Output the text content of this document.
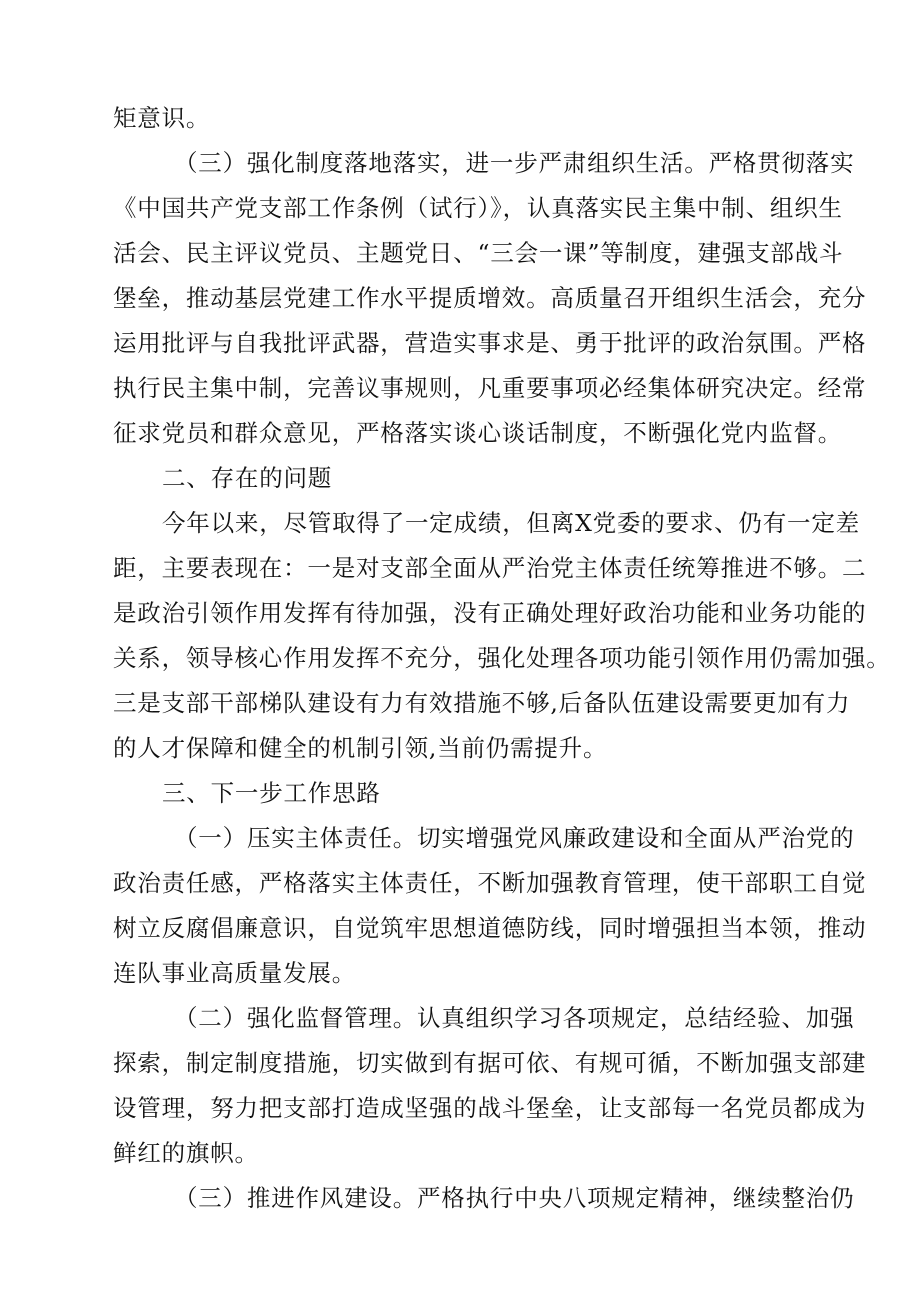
矩意识。
（三）强化制度落地落实，进一步严肃组织生活。严格贯彻落实
《中国共产党支部工作条例（试行）》，认真落实民主集中制、组织生
活会、民主评议党员、主题党日、“三会一课”等制度，建强支部战斗
堡垒，推动基层党建工作水平提质增效。高质量召开组织生活会，充分
运用批评与自我批评武器，营造实事求是、勇于批评的政治氛围。严格
执行民主集中制，完善议事规则，凡重要事项必经集体研究决定。经常
征求党员和群众意见，严格落实谈心谈话制度，不断强化党内监督。
二、存在的问题
今年以来，尽管取得了一定成绩，但离X党委的要求、仍有一定差
距，主要表现在：一是对支部全面从严治党主体责任统筹推进不够。二
是政治引领作用发挥有待加强，没有正确处理好政治功能和业务功能的
关系，领导核心作用发挥不充分，强化处理各项功能引领作用仍需加强。
三是支部干部梯队建设有力有效措施不够,后备队伍建设需要更加有力
的人才保障和健全的机制引领,当前仍需提升。
三、下一步工作思路
（一）压实主体责任。切实增强党风廉政建设和全面从严治党的
政治责任感，严格落实主体责任，不断加强教育管理，使干部职工自觉
树立反腐倡廉意识，自觉筑牢思想道德防线，同时增强担当本领，推动
连队事业高质量发展。
（二）强化监督管理。认真组织学习各项规定，总结经验、加强
探索，制定制度措施，切实做到有据可依、有规可循，不断加强支部建
设管理，努力把支部打造成坚强的战斗堡垒，让支部每一名党员都成为
鲜红的旗帜。
（三）推进作风建设。严格执行中央八项规定精神，继续整治仍
